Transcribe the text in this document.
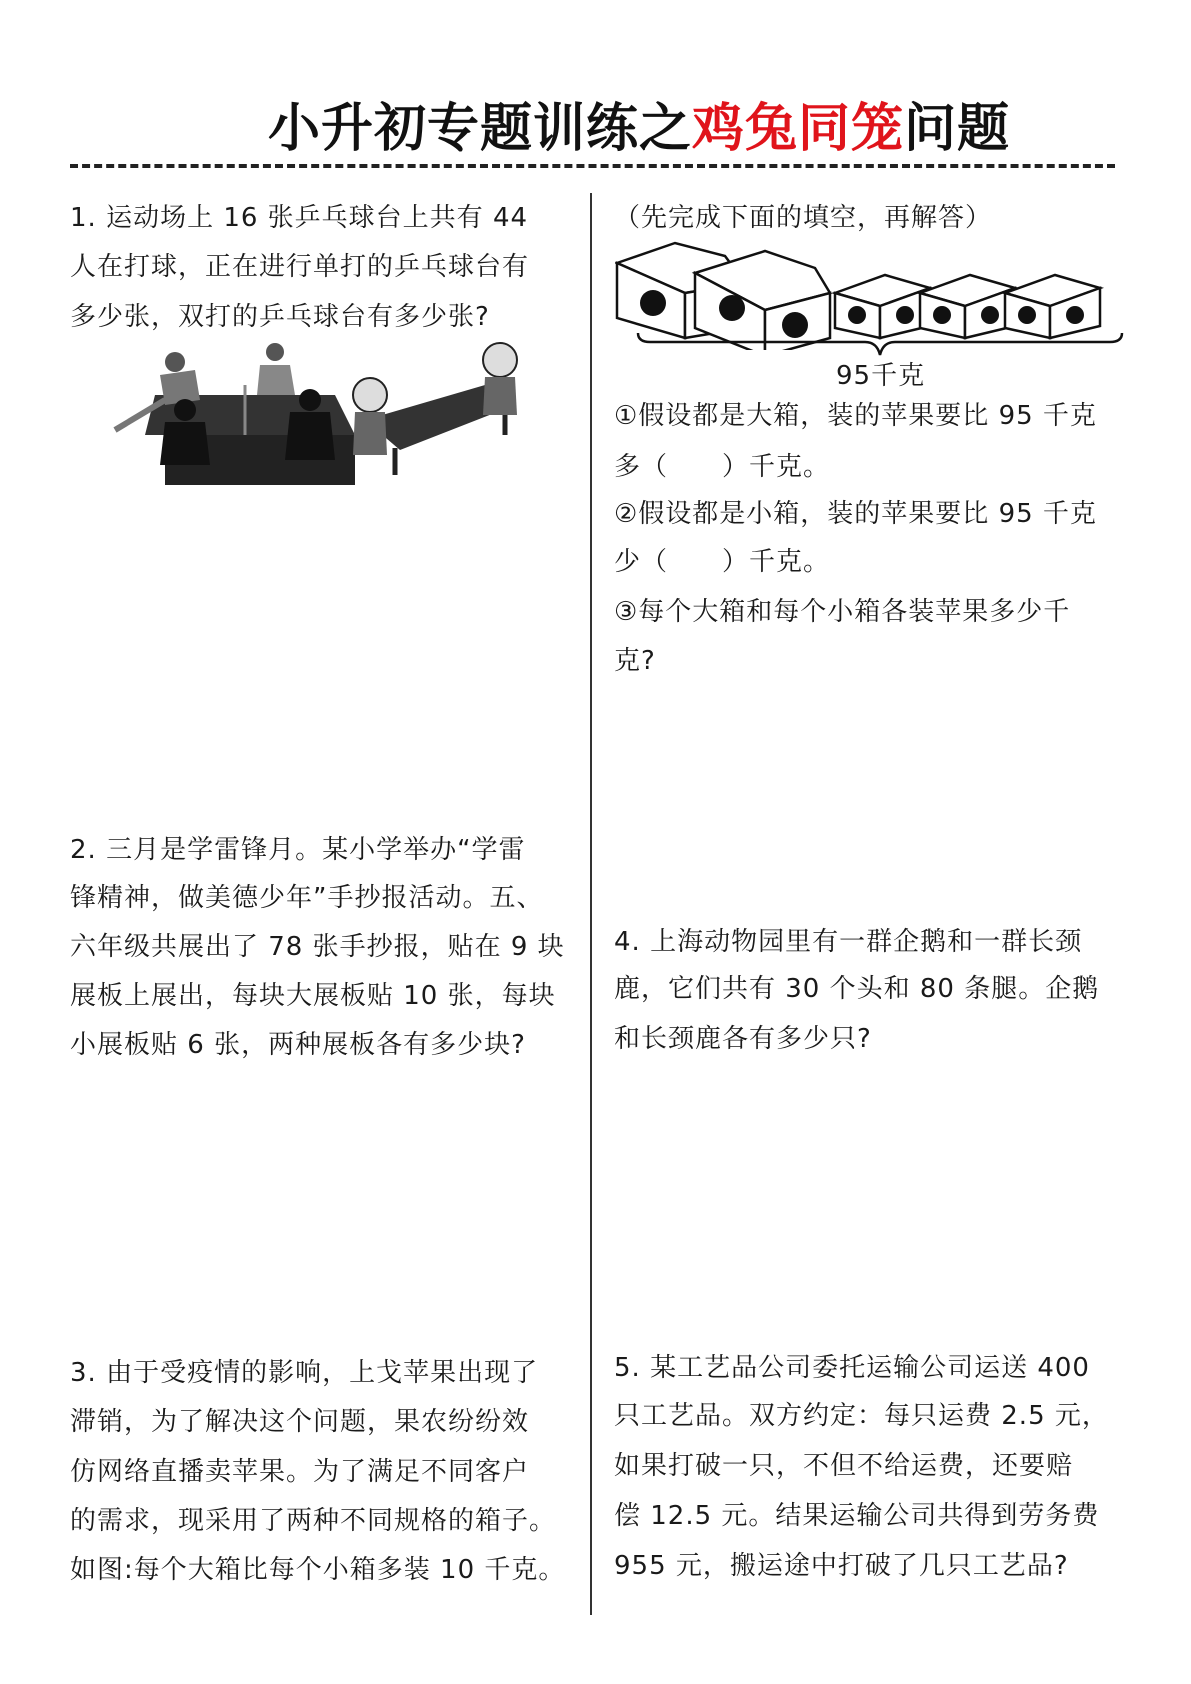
小升初专题训练之鸡兔同笼问题
1. 运动场上 16 张乒乓球台上共有 44
人在打球，正在进行单打的乒乓球台有
多少张，双打的乒乓球台有多少张?
（先完成下面的填空，再解答）
95千克
①假设都是大箱，装的苹果要比 95 千克
多（　　）千克。
②假设都是小箱，装的苹果要比 95 千克
少（　　）千克。
③每个大箱和每个小箱各装苹果多少千
克?
2. 三月是学雷锋月。某小学举办“学雷
锋精神，做美德少年”手抄报活动。五、
六年级共展出了 78 张手抄报，贴在 9 块
展板上展出，每块大展板贴 10 张，每块
小展板贴 6 张，两种展板各有多少块?
4. 上海动物园里有一群企鹅和一群长颈
鹿，它们共有 30 个头和 80 条腿。企鹅
和长颈鹿各有多少只?
3. 由于受疫情的影响，上戈苹果出现了
滞销，为了解决这个问题，果农纷纷效
仿网络直播卖苹果。为了满足不同客户
的需求，现采用了两种不同规格的箱子。
如图:每个大箱比每个小箱多装 10 千克。
5. 某工艺品公司委托运输公司运送 400
只工艺品。双方约定：每只运费 2.5 元，
如果打破一只，不但不给运费，还要赔
偿 12.5 元。结果运输公司共得到劳务费
955 元，搬运途中打破了几只工艺品?
